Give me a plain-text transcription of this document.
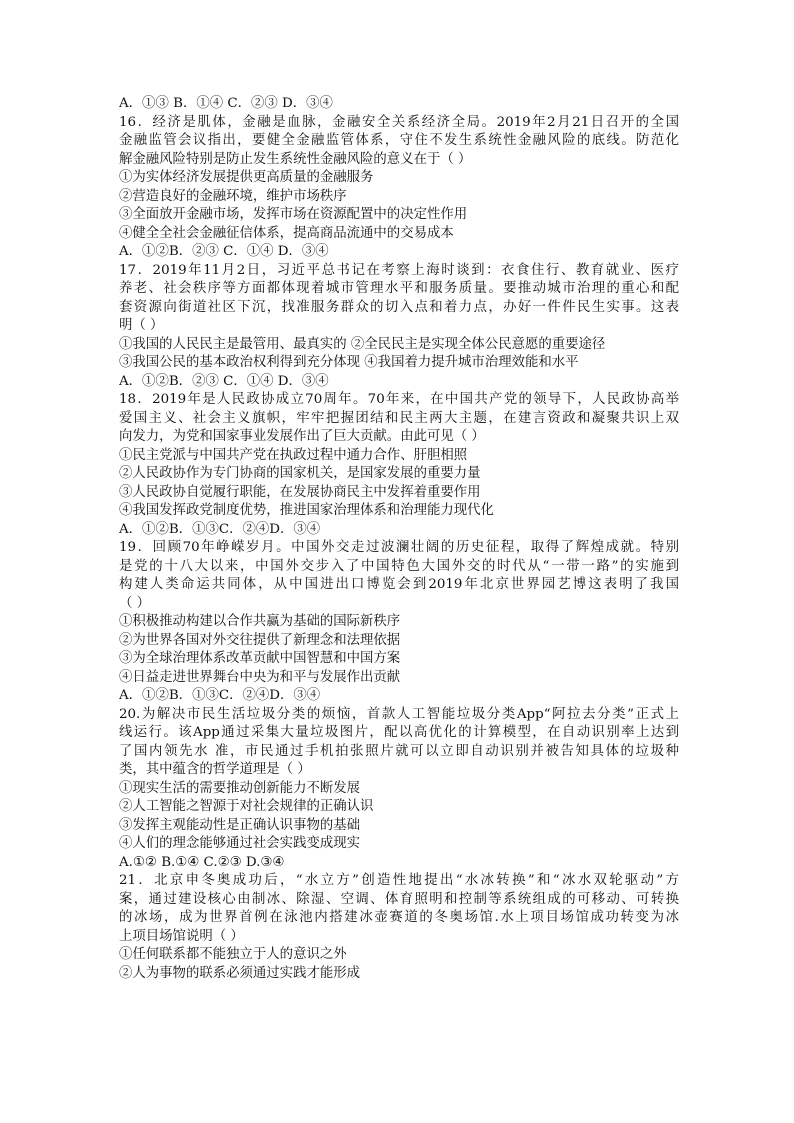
A．①③ B．①④ C．②③ D．③④
16．经济是肌体，金融是血脉，金融安全关系经济全局。2019年2月21日召开的全国
金融监管会议指出，要健全金融监管体系，守住不发生系统性金融风险的底线。防范化
解金融风险特别是防止发生系统性金融风险的意义在于（ ）
①为实体经济发展提供更高质量的金融服务
②营造良好的金融环境，维护市场秩序
③全面放开金融市场，发挥市场在资源配置中的决定性作用
④健全全社会金融征信体系，提高商品流通中的交易成本
A．①②B．②③ C．①④ D．③④
17．2019年11月2日，习近平总书记在考察上海时谈到：衣食住行、教育就业、医疗
养老、社会秩序等方面都体现着城市管理水平和服务质量。要推动城市治理的重心和配
套资源向街道社区下沉，找准服务群众的切入点和着力点，办好一件件民生实事。这表
明（ ）
①我国的人民民主是最管用、最真实的 ②全民民主是实现全体公民意愿的重要途径
③我国公民的基本政治权利得到充分体现 ④我国着力提升城市治理效能和水平
A．①②B．②③ C．①④ D．③④
18．2019年是人民政协成立70周年。70年来，在中国共产党的领导下，人民政协高举
爱国主义、社会主义旗帜，牢牢把握团结和民主两大主题，在建言资政和凝聚共识上双
向发力，为党和国家事业发展作出了巨大贡献。由此可见（ ）
①民主党派与中国共产党在执政过程中通力合作、肝胆相照
②人民政协作为专门协商的国家机关，是国家发展的重要力量
③人民政协自觉履行职能，在发展协商民主中发挥着重要作用
④我国发挥政党制度优势，推进国家治理体系和治理能力现代化
A．①②B．①③C．②④D．③④
19．回顾70年峥嵘岁月。中国外交走过波澜壮阔的历史征程，取得了辉煌成就。特别
是党的十八大以来，中国外交步入了中国特色大国外交的时代从“一带一路”的实施到
构建人类命运共同体，从中国进出口博览会到2019年北京世界园艺博这表明了我国
（ ）
①积极推动构建以合作共赢为基础的国际新秩序
②为世界各国对外交往提供了新理念和法理依据
③为全球治理体系改革贡献中国智慧和中国方案
④日益走进世界舞台中央为和平与发展作出贡献
A．①②B．①③C．②④D．③④
20.为解决市民生活垃圾分类的烦恼，首款人工智能垃圾分类App“阿拉去分类”正式上
线运行。该App通过采集大量垃圾图片，配以高优化的计算模型，在自动识别率上达到
了国内领先水 准，市民通过手机拍张照片就可以立即自动识别并被告知具体的垃圾种
类，其中蕴含的哲学道理是（ ）
①现实生活的需要推动创新能力不断发展
②人工智能之智源于对社会规律的正确认识
③发挥主观能动性是正确认识事物的基础
④人们的理念能够通过社会实践变成现实
A.①② B.①④ C.②③ D.③④
21．北京申冬奥成功后，“水立方”创造性地提出“水冰转换”和“冰水双轮驱动”方
案，通过建设核心由制冰、除湿、空调、体育照明和控制等系统组成的可移动、可转换
的冰场，成为世界首例在泳池内搭建冰壶赛道的冬奥场馆.水上项目场馆成功转变为冰
上项目场馆说明（ ）
①任何联系都不能独立于人的意识之外
②人为事物的联系必须通过实践才能形成
